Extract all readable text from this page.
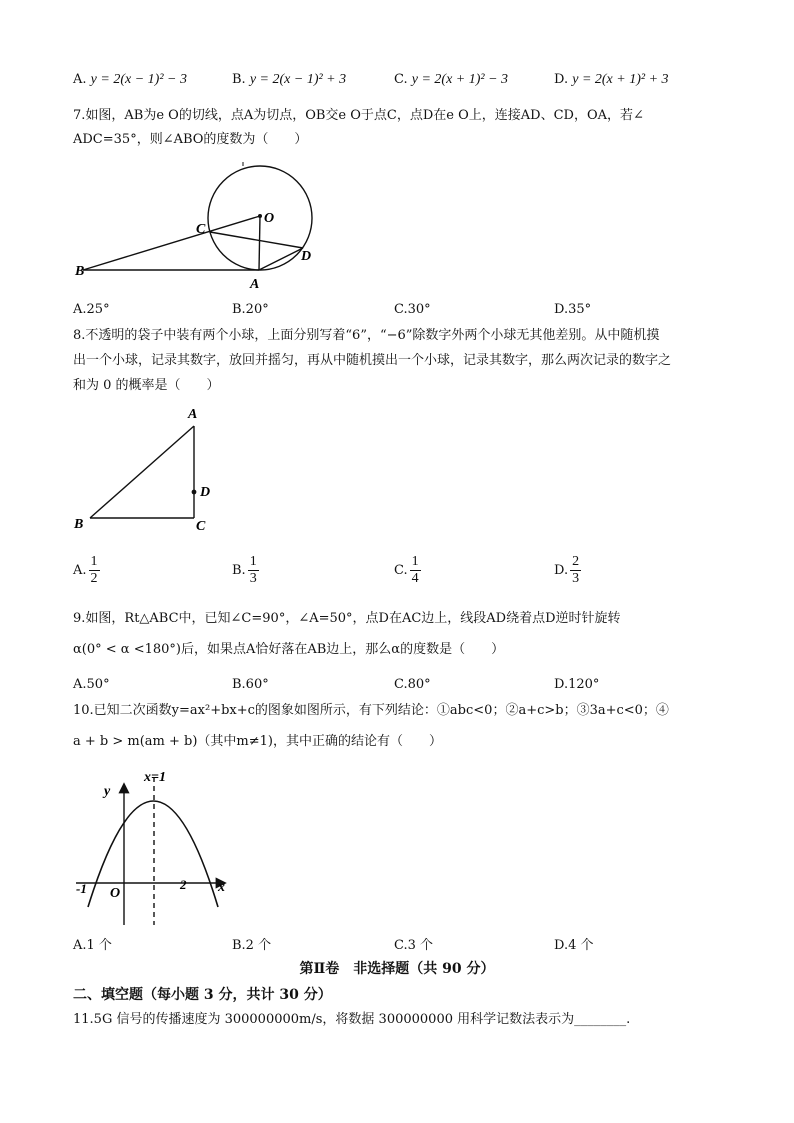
A. y = 2(x − 1)² − 3	B. y = 2(x − 1)² + 3	C. y = 2(x + 1)² − 3	D. y = 2(x + 1)² + 3
7.如图，AB为e O的切线，点A为切点，OB交e O于点C，点D在e O上，连接AD、CD，OA，若∠
ADC=35°，则∠ABO的度数为（　　）
O
C
D
B
A
A.25°	B.20°	C.30°	D.35°
8.不透明的袋子中装有两个小球，上面分别写着“6”，“−6”除数字外两个小球无其他差别。从中随机摸
出一个小球，记录其数字，放回并摇匀，再从中随机摸出一个小球，记录其数字，那么两次记录的数字之
和为 0 的概率是（　　）
A
D
B	C
A. $\frac{1}{2}$	B. $\frac{1}{3}$	C. $\frac{1}{4}$	D. $\frac{2}{3}$
9.如图，Rt△ABC中，已知∠C=90°，∠A=50°，点D在AC边上，线段AD绕着点D逆时针旋转
α(0° < α <180°)后，如果点A恰好落在AB边上，那么α的度数是（　　）
A.50°	B.60°	C.80°	D.120°
10.已知二次函数y=ax²+bx+c的图象如图所示，有下列结论：①abc<0；②a+c>b；③3a+c<0；④
a + b > m(am + b)（其中m≠1)，其中正确的结论有（　　）
x=1
y
x
O
-1	2
A.1 个	B.2 个	C.3 个	D.4 个
第Ⅱ卷　非选择题（共 90 分）
二、填空题（每小题 3 分，共计 30 分）
11.5G 信号的传播速度为 300000000m/s，将数据 300000000 用科学记数法表示为________.
